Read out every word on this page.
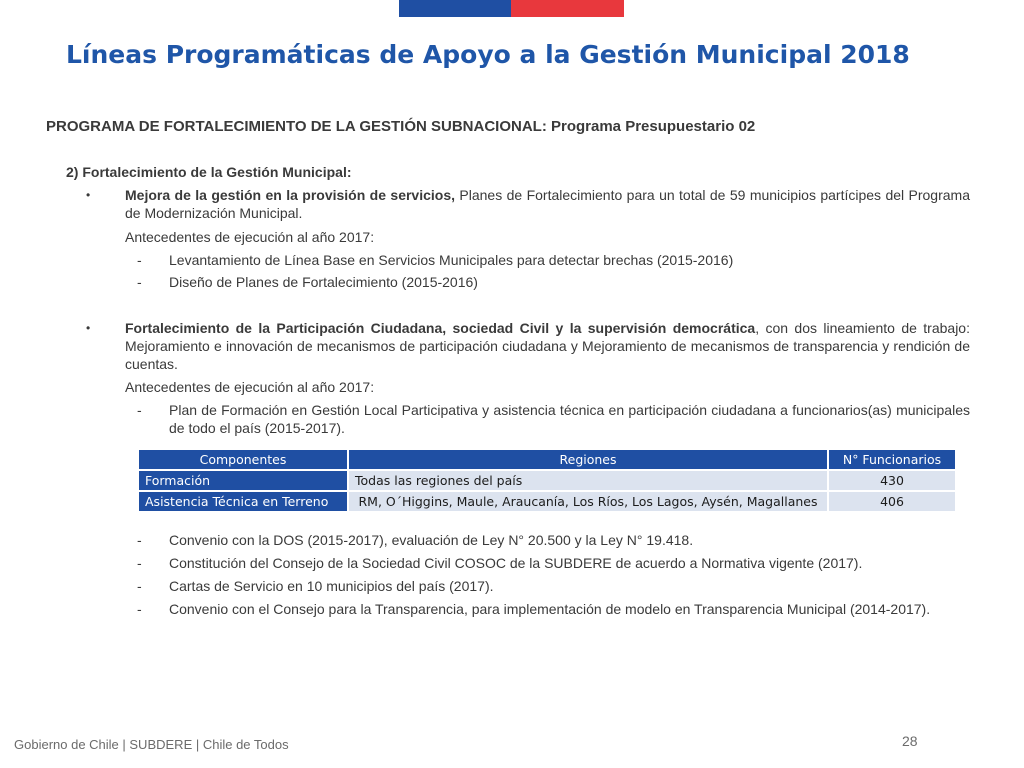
Líneas Programáticas de Apoyo a la Gestión Municipal 2018
PROGRAMA DE FORTALECIMIENTO DE LA GESTIÓN SUBNACIONAL: Programa Presupuestario 02
2) Fortalecimiento de la Gestión Municipal:
• Mejora de la gestión en la provisión de servicios, Planes de Fortalecimiento para un total de 59 municipios partícipes del Programa de Modernización Municipal.
Antecedentes de ejecución al año 2017:
- Levantamiento de Línea Base en Servicios Municipales para detectar brechas (2015-2016)
- Diseño de Planes de Fortalecimiento (2015-2016)
• Fortalecimiento de la Participación Ciudadana, sociedad Civil y la supervisión democrática, con dos lineamiento de trabajo: Mejoramiento e innovación de mecanismos de participación ciudadana y Mejoramiento de mecanismos de transparencia y rendición de cuentas.
Antecedentes de ejecución al año 2017:
- Plan de Formación en Gestión Local Participativa y asistencia técnica en participación ciudadana a funcionarios(as) municipales de todo el país (2015-2017).
Componentes	Regiones	N° Funcionarios
Formación	Todas las regiones del país	430
Asistencia Técnica en Terreno	RM, O´Higgins, Maule, Araucanía, Los Ríos, Los Lagos, Aysén, Magallanes	406
- Convenio con la DOS (2015-2017), evaluación de Ley N° 20.500 y la Ley N° 19.418.
- Constitución del Consejo de la Sociedad Civil COSOC de la SUBDERE de acuerdo a Normativa vigente (2017).
- Cartas de Servicio en 10 municipios del país (2017).
- Convenio con el Consejo para la Transparencia, para implementación de modelo en Transparencia Municipal (2014-2017).
Gobierno de Chile | SUBDERE | Chile de Todos	28
